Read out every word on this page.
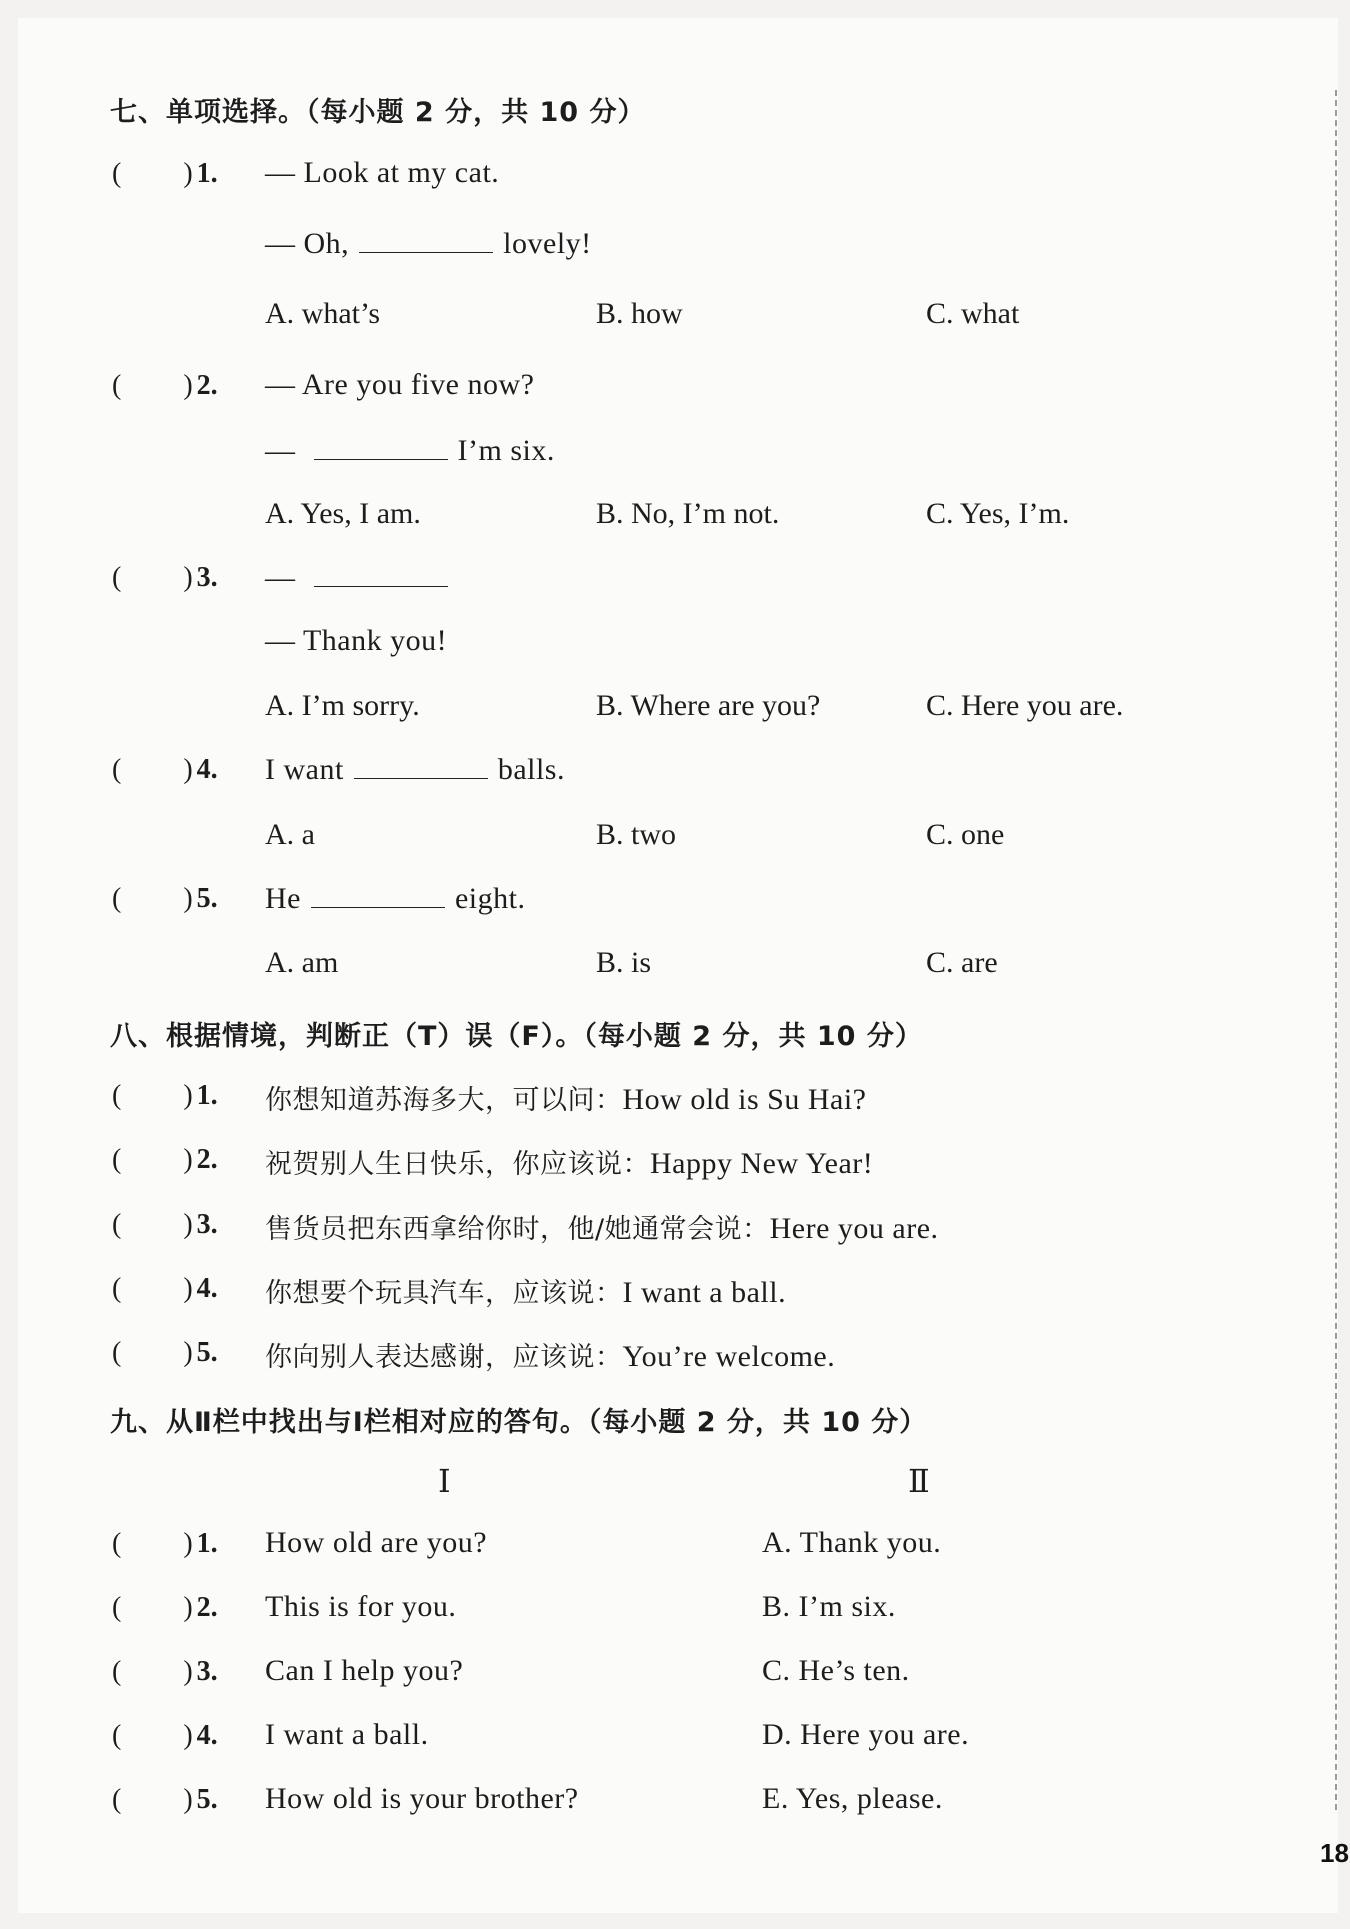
七、单项选择。（每小题 2 分，共 10 分）
( ) 1. — Look at my cat.
— Oh,	lovely!
A. what’s	B. how	C. what
( ) 2. — Are you five now?
—	I’m six.
A. Yes, I am.	B. No, I’m not.	C. Yes, I’m.
( ) 3. —
— Thank you!
A. I’m sorry.	B. Where are you?	C. Here you are.
( ) 4. I want	balls.
A. a	B. two	C. one
( ) 5. He	eight.
A. am	B. is	C. are
八、根据情境，判断正（T）误（F）。（每小题 2 分，共 10 分）
( ) 1. 你想知道苏海多大，可以问：How old is Su Hai?
( ) 2. 祝贺别人生日快乐，你应该说：Happy New Year!
( ) 3. 售货员把东西拿给你时，他/她通常会说：Here you are.
( ) 4. 你想要个玩具汽车，应该说：I want a ball.
( ) 5. 你向别人表达感谢，应该说：You’re welcome.
九、从Ⅱ栏中找出与Ⅰ栏相对应的答句。（每小题 2 分，共 10 分）
Ⅰ	Ⅱ
( ) 1. How old are you?	A. Thank you.
( ) 2. This is for you.	B. I’m six.
( ) 3. Can I help you?	C. He’s ten.
( ) 4. I want a ball.	D. Here you are.
( ) 5. How old is your brother?	E. Yes, please.
18
